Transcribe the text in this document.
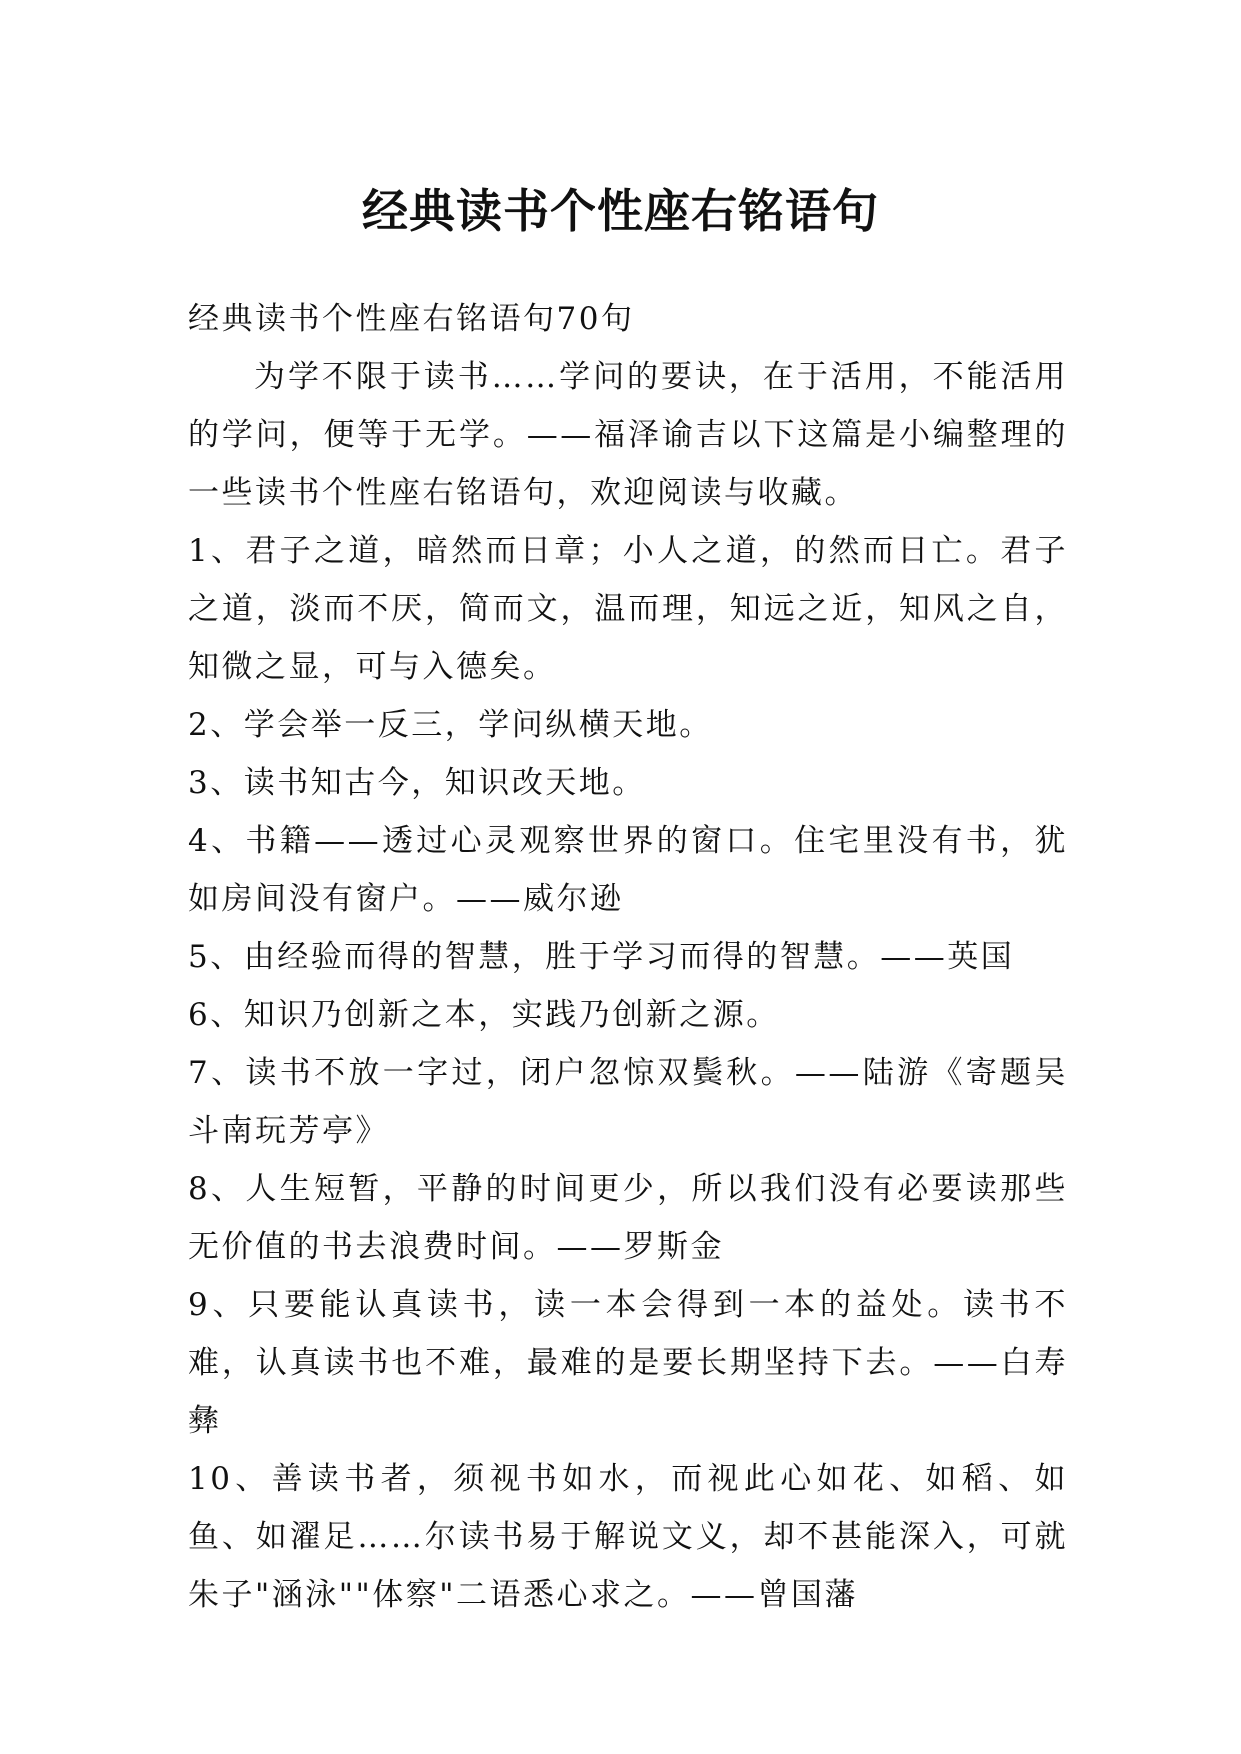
经典读书个性座右铭语句

经典读书个性座右铭语句70句

为学不限于读书……学问的要诀，在于活用，不能活用的学问，便等于无学。——福泽谕吉以下这篇是小编整理的一些读书个性座右铭语句，欢迎阅读与收藏。

1、君子之道，暗然而日章；小人之道，的然而日亡。君子之道，淡而不厌，简而文，温而理，知远之近，知风之自，知微之显，可与入德矣。

2、学会举一反三，学问纵横天地。

3、读书知古今，知识改天地。

4、书籍——透过心灵观察世界的窗口。住宅里没有书，犹如房间没有窗户。——威尔逊

5、由经验而得的智慧，胜于学习而得的智慧。——英国

6、知识乃创新之本，实践乃创新之源。

7、读书不放一字过，闭户忽惊双鬓秋。——陆游《寄题吴斗南玩芳亭》

8、人生短暂，平静的时间更少，所以我们没有必要读那些无价值的书去浪费时间。——罗斯金

9、只要能认真读书，读一本会得到一本的益处。读书不难，认真读书也不难，最难的是要长期坚持下去。——白寿彝

10、善读书者，须视书如水，而视此心如花、如稻、如鱼、如濯足……尔读书易于解说文义，却不甚能深入，可就朱子"涵泳""体察"二语悉心求之。——曾国藩
